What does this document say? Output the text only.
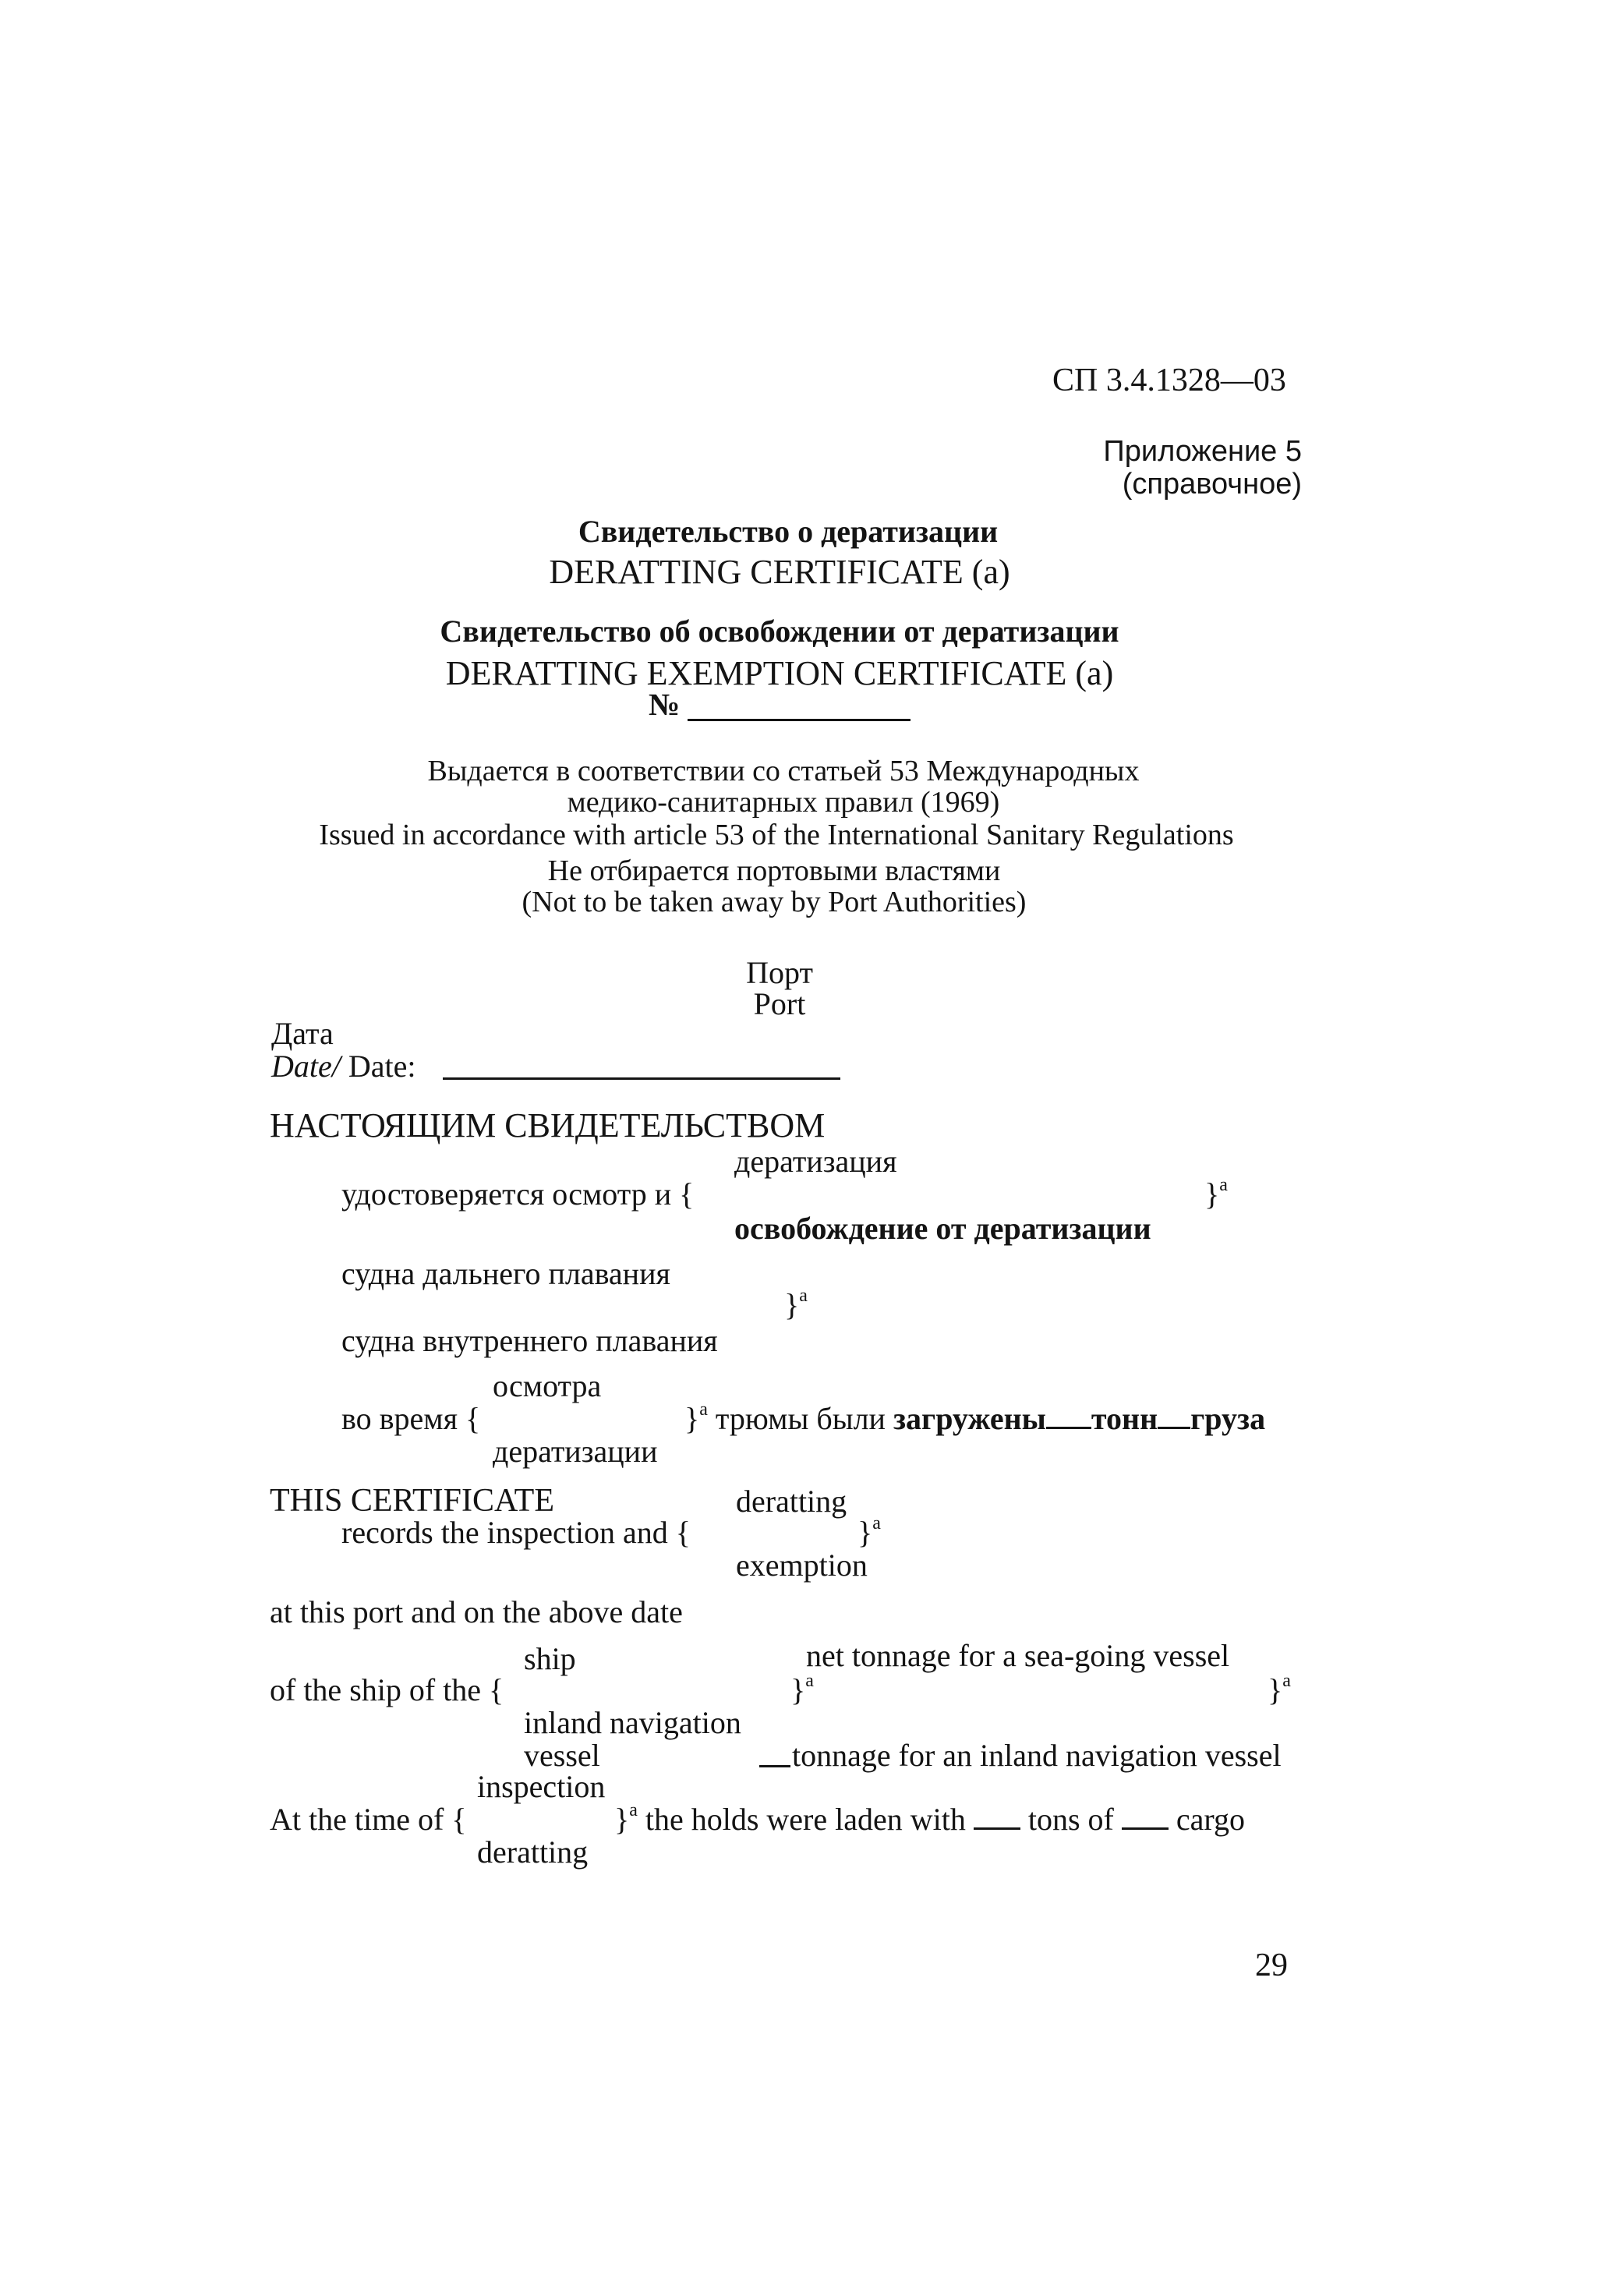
СП 3.4.1328—03
Приложение 5
(справочное)
Свидетельство о дератизации
DERATTING CERTIFICATE (a)
Свидетельство об освобождении от дератизации
DERATTING EXEMPTION CERTIFICATE (a)
№
Выдается в соответствии со статьей 53 Международных
медико-санитарных правил (1969)
Issued in accordance with article 53 of the International Sanitary Regulations
Не отбирается портовыми властями
(Not to be taken away by Port Authorities)
Порт
Port
Дата
Date/ Date:
НАСТОЯЩИМ СВИДЕТЕЛЬСТВОМ
дератизация
удостоверяется осмотр и {	}$^a$
освобождение от дератизации
судна дальнего плавания
}$^a$
судна внутреннего плавания
осмотра
во время {	}$^a$ трюмы были загружены тонн груза
дератизации
THIS CERTIFICATE	deratting
records the inspection and {	}$^a$
exemption
at this port and on the above date
ship	net tonnage for a sea-going vessel
of the ship of the {	}$^a$	}$^a$
inland navigation
vessel	tonnage for an inland navigation vessel
inspection
At the time of {	}$^a$ the holds were laden with  tons of  cargo
deratting
29
